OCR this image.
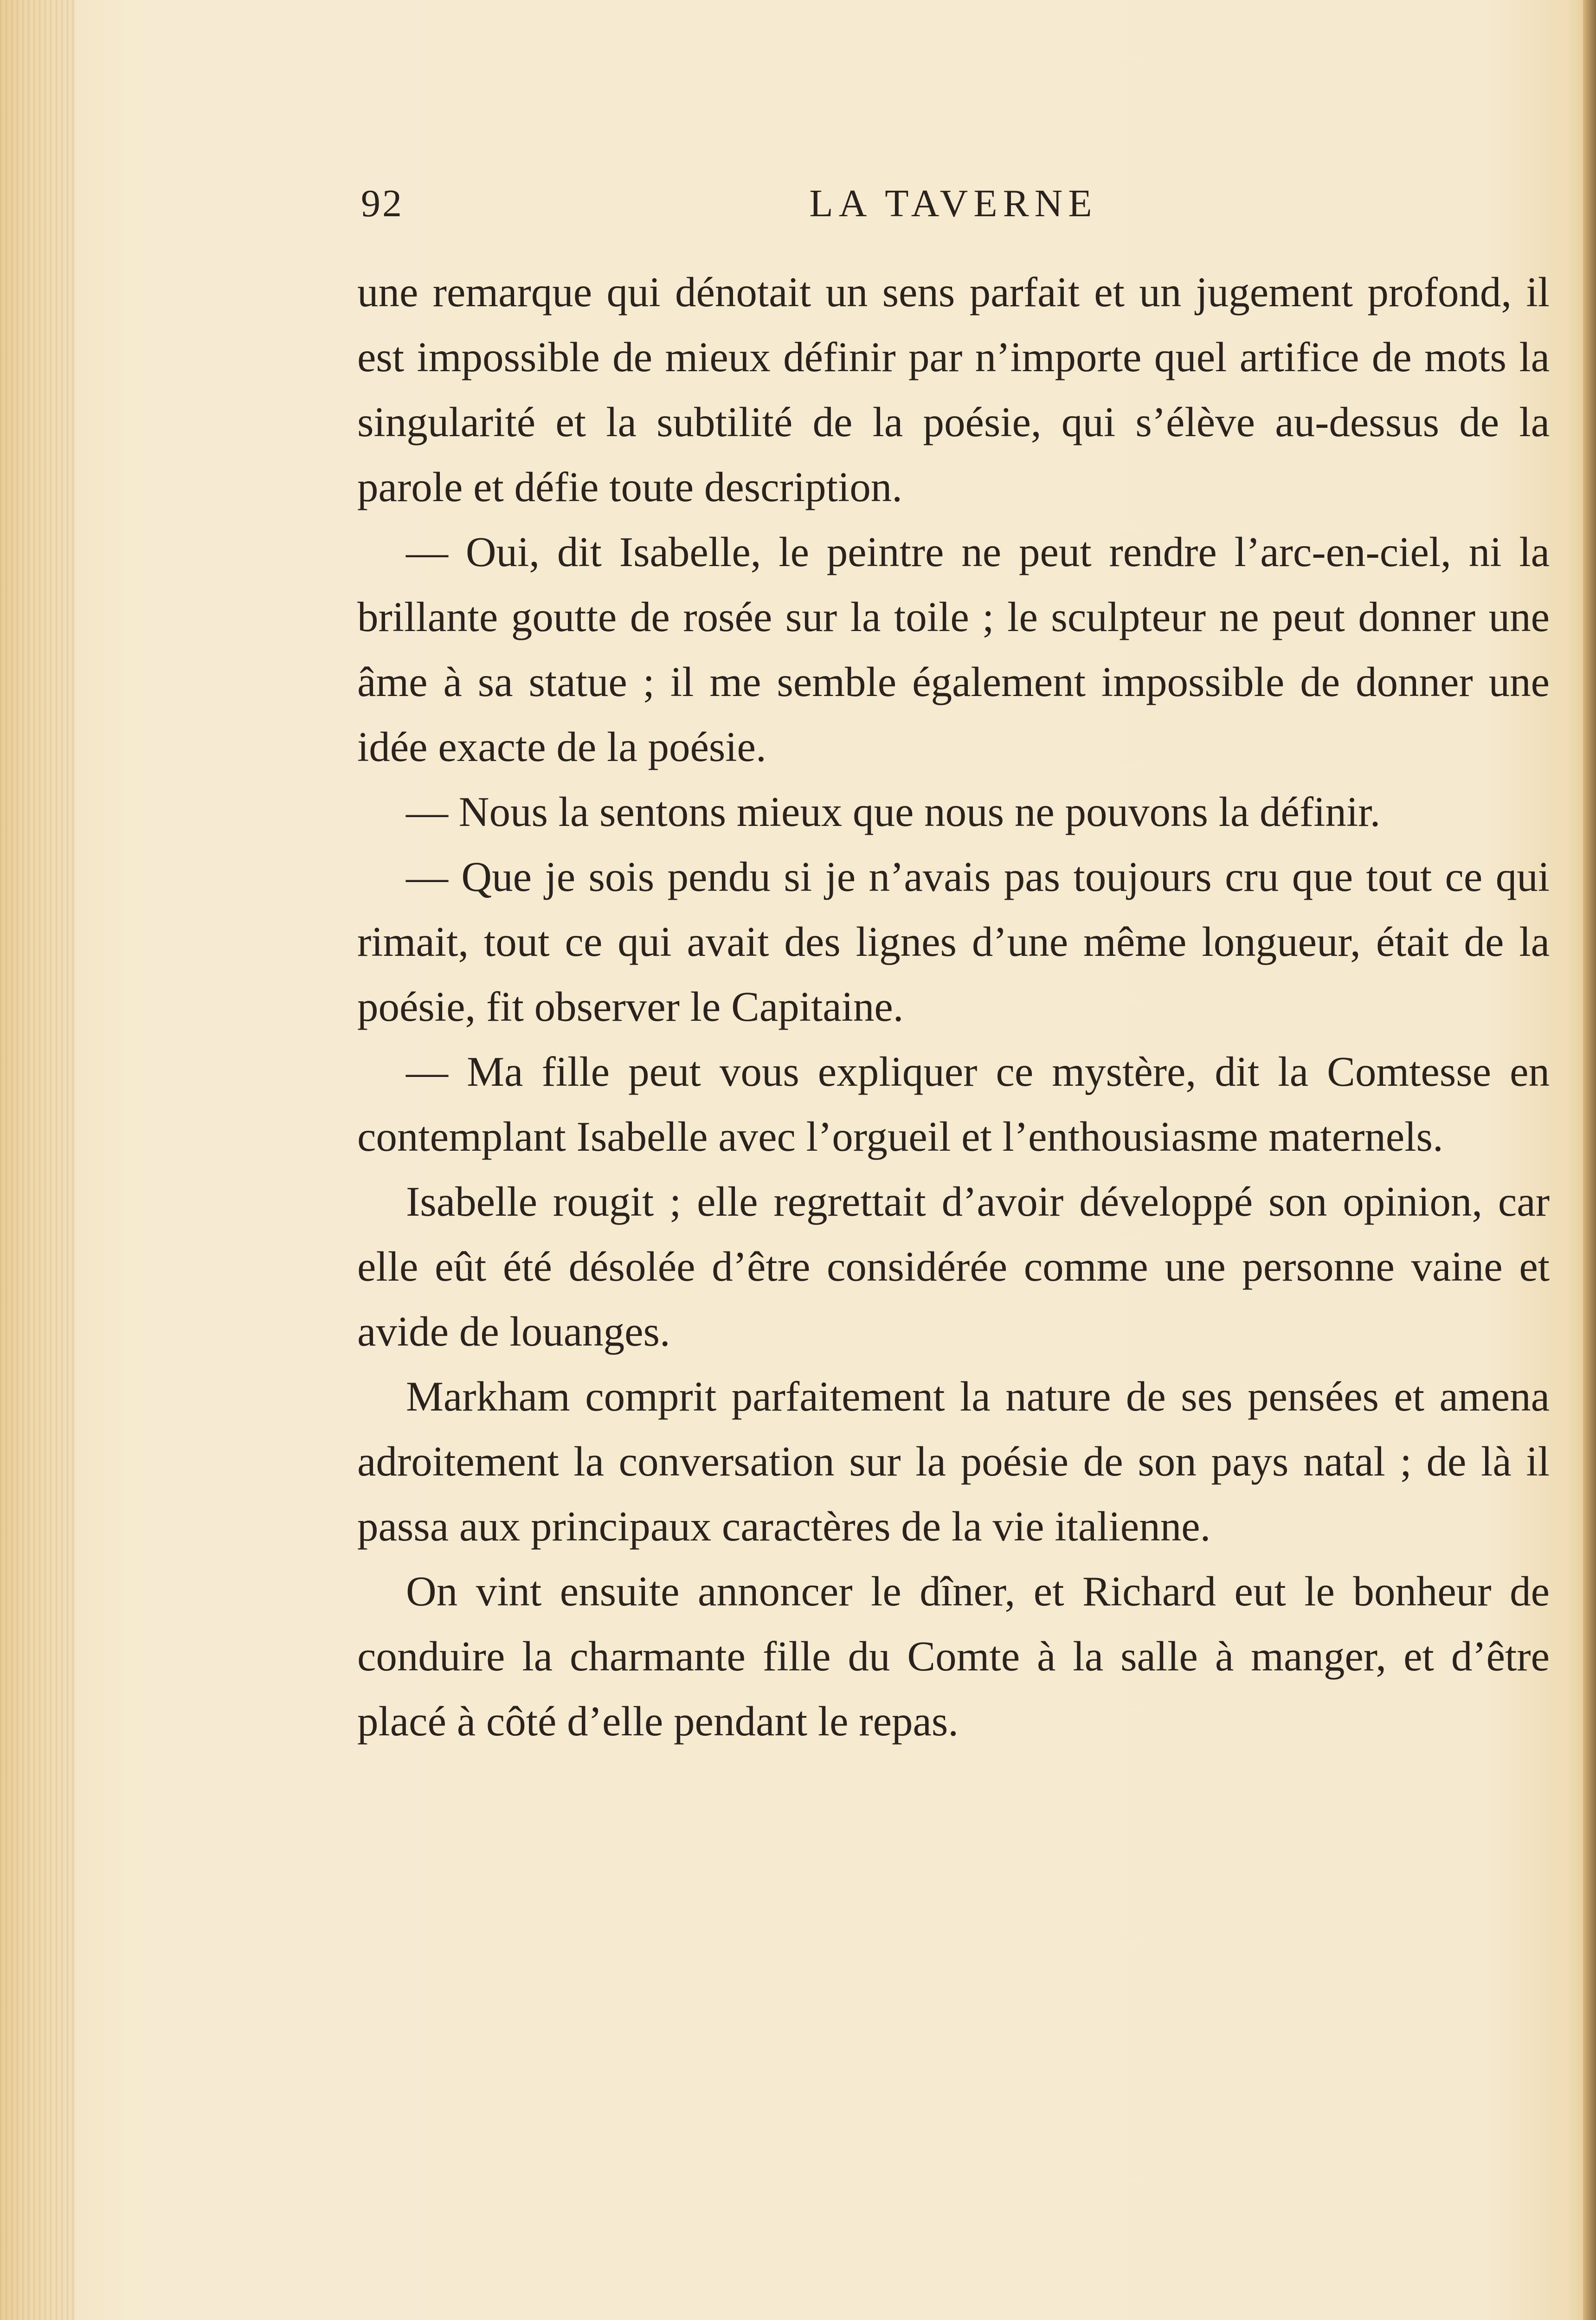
92	LA TAVERNE

une remarque qui dénotait un sens parfait et un jugement profond, il est impossible de mieux définir par n’importe quel artifice de mots la singularité et la subtilité de la poésie, qui s’élève au-dessus de la parole et défie toute description.

— Oui, dit Isabelle, le peintre ne peut rendre l’arc-en-ciel, ni la brillante goutte de rosée sur la toile ; le sculpteur ne peut donner une âme à sa statue ; il me semble également impossible de donner une idée exacte de la poésie.

— Nous la sentons mieux que nous ne pouvons la définir.

— Que je sois pendu si je n’avais pas toujours cru que tout ce qui rimait, tout ce qui avait des lignes d’une même longueur, était de la poésie, fit observer le Capitaine.

— Ma fille peut vous expliquer ce mystère, dit la Comtesse en contemplant Isabelle avec l’orgueil et l’enthousiasme maternels.

Isabelle rougit ; elle regrettait d’avoir développé son opinion, car elle eût été désolée d’être considérée comme une personne vaine et avide de louanges.

Markham comprit parfaitement la nature de ses pensées et amena adroitement la conversation sur la poésie de son pays natal ; de là il passa aux principaux caractères de la vie italienne.

On vint ensuite annoncer le dîner, et Richard eut le bonheur de conduire la charmante fille du Comte à la salle à manger, et d’être placé à côté d’elle pendant le repas.
